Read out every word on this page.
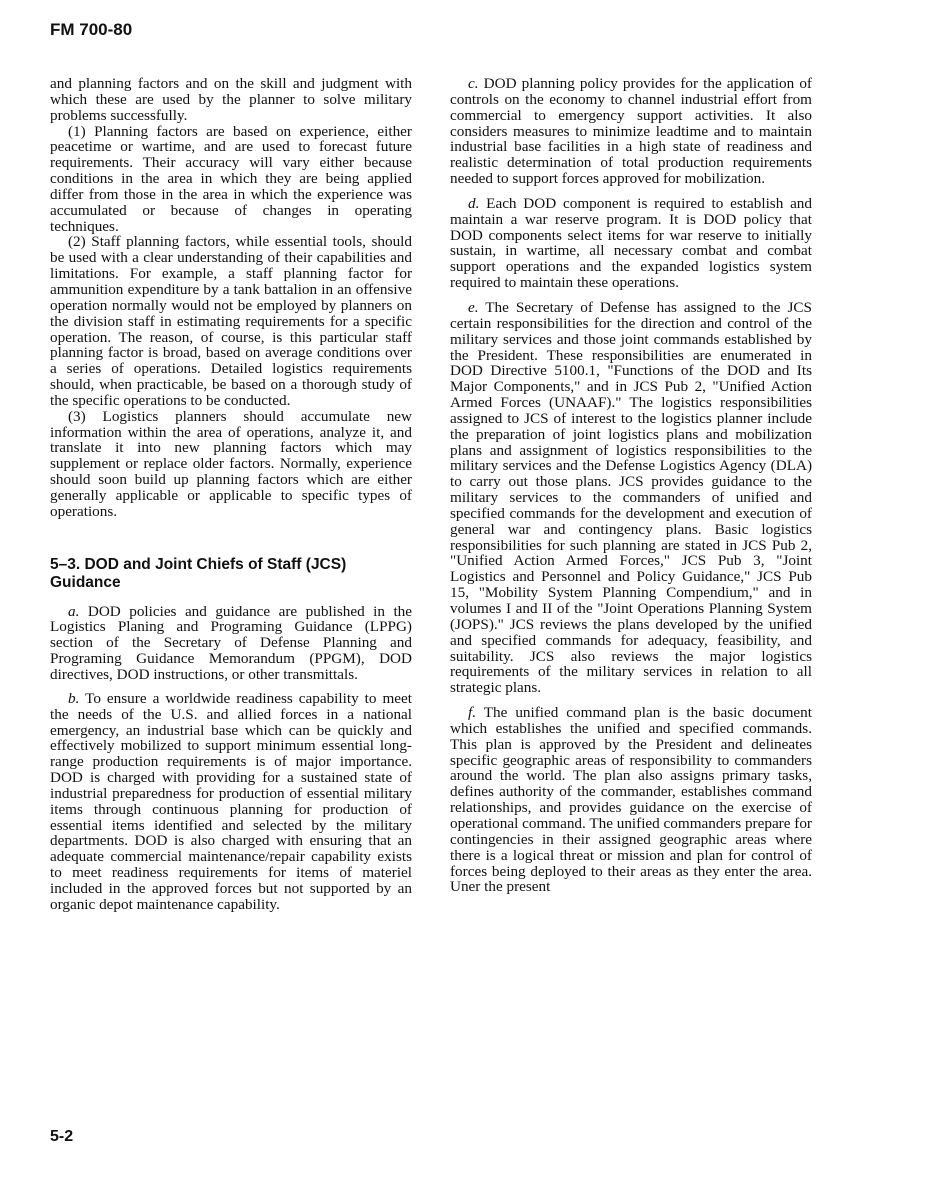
FM 700-80

and planning factors and on the skill and judgment with which these are used by the planner to solve military problems successfully.

(1) Planning factors are based on experience, either peacetime or wartime, and are used to forecast future requirements. Their accuracy will vary either because conditions in the area in which they are being applied differ from those in the area in which the experience was accumulated or because of changes in operating techniques.

(2) Staff planning factors, while essential tools, should be used with a clear understanding of their capabilities and limitations. For example, a staff planning factor for ammunition expenditure by a tank battalion in an offensive operation normally would not be employed by planners on the division staff in estimating requirements for a specific operation. The reason, of course, is this particular staff planning factor is broad, based on average conditions over a series of operations. Detailed logistics requirements should, when practicable, be based on a thorough study of the specific operations to be conducted.

(3) Logistics planners should accumulate new information within the area of operations, analyze it, and translate it into new planning factors which may supplement or replace older factors. Normally, experience should soon build up planning factors which are either generally applicable or applicable to specific types of operations.

5–3. DOD and Joint Chiefs of Staff (JCS) Guidance

a. DOD policies and guidance are published in the Logistics Planing and Programing Guidance (LPPG) section of the Secretary of Defense Planning and Programing Guidance Memorandum (PPGM), DOD directives, DOD instructions, or other transmittals.

b. To ensure a worldwide readiness capability to meet the needs of the U.S. and allied forces in a national emergency, an industrial base which can be quickly and effectively mobilized to support minimum essential long-range production requirements is of major importance. DOD is charged with providing for a sustained state of industrial preparedness for production of essential military items through continuous planning for production of essential items identified and selected by the military departments. DOD is also charged with ensuring that an adequate commercial maintenance/repair capability exists to meet readiness requirements for items of materiel included in the approved forces but not supported by an organic depot maintenance capability.

c. DOD planning policy provides for the application of controls on the economy to channel industrial effort from commercial to emergency support activities. It also considers measures to minimize leadtime and to maintain industrial base facilities in a high state of readiness and realistic determination of total production requirements needed to support forces approved for mobilization.

d. Each DOD component is required to establish and maintain a war reserve program. It is DOD policy that DOD components select items for war reserve to initially sustain, in wartime, all necessary combat and combat support operations and the expanded logistics system required to maintain these operations.

e. The Secretary of Defense has assigned to the JCS certain responsibilities for the direction and control of the military services and those joint commands established by the President. These responsibilities are enumerated in DOD Directive 5100.1, "Functions of the DOD and Its Major Components," and in JCS Pub 2, "Unified Action Armed Forces (UNAAF)." The logistics responsibilities assigned to JCS of interest to the logistics planner include the preparation of joint logistics plans and mobilization plans and assignment of logistics responsibilities to the military services and the Defense Logistics Agency (DLA) to carry out those plans. JCS provides guidance to the military services to the commanders of unified and specified commands for the development and execution of general war and contingency plans. Basic logistics responsibilities for such planning are stated in JCS Pub 2, "Unified Action Armed Forces," JCS Pub 3, "Joint Logistics and Personnel and Policy Guidance," JCS Pub 15, "Mobility System Planning Compendium," and in volumes I and II of the "Joint Operations Planning System (JOPS)." JCS reviews the plans developed by the unified and specified commands for adequacy, feasibility, and suitability. JCS also reviews the major logistics requirements of the military services in relation to all strategic plans.

f. The unified command plan is the basic document which establishes the unified and specified commands. This plan is approved by the President and delineates specific geographic areas of responsibility to commanders around the world. The plan also assigns primary tasks, defines authority of the commander, establishes command relationships, and provides guidance on the exercise of operational command. The unified commanders prepare for contingencies in their assigned geographic areas where there is a logical threat or mission and plan for control of forces being deployed to their areas as they enter the area. Uner the present

5-2
